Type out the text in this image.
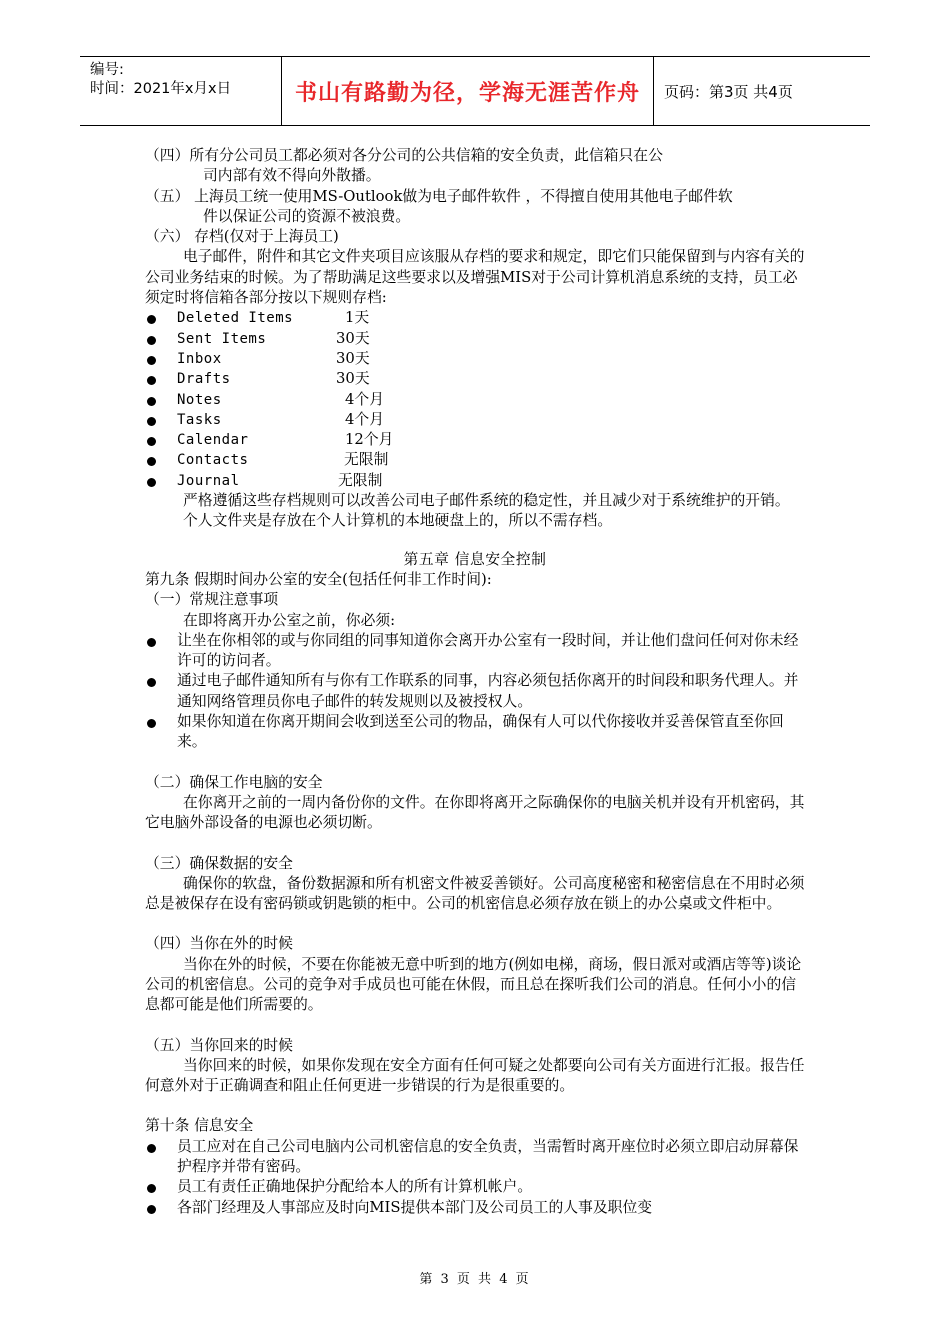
编号:
时间：2021年x月x日	书山有路勤为径，学海无涯苦作舟 页码：第3页 共4页

（四）所有分公司员工都必须对各分公司的公共信箱的安全负责，此信箱只在公

司内部有效不得向外散播。

（五） 上海员工统一使用MS-Outlook做为电子邮件软件 ，不得擅自使用其他电子邮件软

件以保证公司的资源不被浪费。

（六） 存档(仅对于上海员工)

电子邮件，附件和其它文件夹项目应该服从存档的要求和规定，即它们只能保留到与内容有关的公司业务结束的时候。为了帮助满足这些要求以及增强MIS对于公司计算机消息系统的支持，员工必须定时将信箱各部分按以下规则存档:

Deleted Items	1天
Sent Items	30天
Inbox	30天
Drafts	30天
Notes	4个月
Tasks	4个月
Calendar	12个月
Contacts	无限制
Journal	无限制

严格遵循这些存档规则可以改善公司电子邮件系统的稳定性，并且减少对于系统维护的开销。

个人文件夹是存放在个人计算机的本地硬盘上的，所以不需存档。

第五章 信息安全控制

第九条 假期时间办公室的安全(包括任何非工作时间):

（一）常规注意事项

在即将离开办公室之前，你必须:

让坐在你相邻的或与你同组的同事知道你会离开办公室有一段时间，并让他们盘问任何对你未经许可的访问者。
通过电子邮件通知所有与你有工作联系的同事，内容必须包括你离开的时间段和职务代理人。并通知网络管理员你电子邮件的转发规则以及被授权人。
如果你知道在你离开期间会收到送至公司的物品，确保有人可以代你接收并妥善保管直至你回来。

（二）确保工作电脑的安全

在你离开之前的一周内备份你的文件。在你即将离开之际确保你的电脑关机并设有开机密码，其它电脑外部设备的电源也必须切断。

（三）确保数据的安全

确保你的软盘，备份数据源和所有机密文件被妥善锁好。公司高度秘密和秘密信息在不用时必须总是被保存在设有密码锁或钥匙锁的柜中。公司的机密信息必须存放在锁上的办公桌或文件柜中。

（四）当你在外的时候

当你在外的时候，不要在你能被无意中听到的地方(例如电梯，商场，假日派对或酒店等等)谈论公司的机密信息。公司的竞争对手成员也可能在休假，而且总在探听我们公司的消息。任何小小的信息都可能是他们所需要的。

（五）当你回来的时候

当你回来的时候，如果你发现在安全方面有任何可疑之处都要向公司有关方面进行汇报。报告任何意外对于正确调查和阻止任何更进一步错误的行为是很重要的。

第十条 信息安全

员工应对在自己公司电脑内公司机密信息的安全负责，当需暂时离开座位时必须立即启动屏幕保护程序并带有密码。
员工有责任正确地保护分配给本人的所有计算机帐户。
各部门经理及人事部应及时向MIS提供本部门及公司员工的人事及职位变
第 3 页 共 4 页
